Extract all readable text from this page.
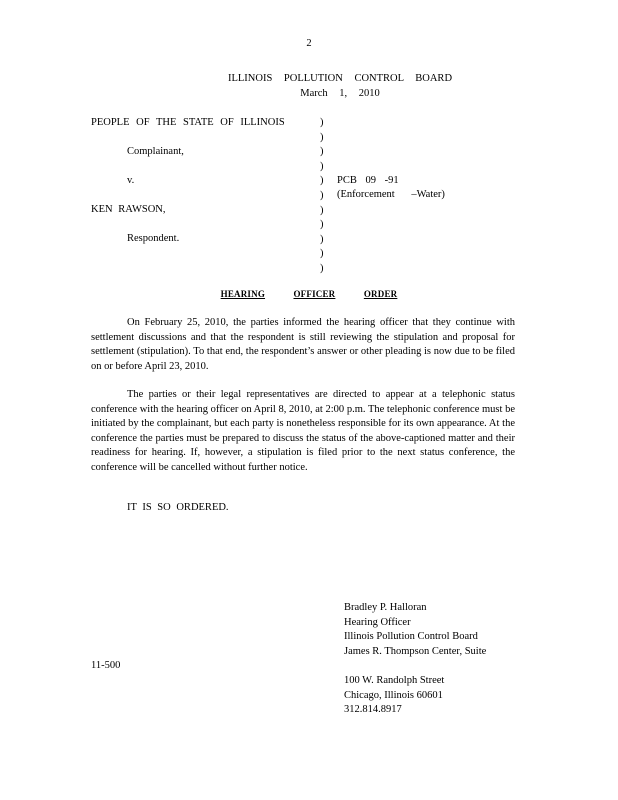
2
ILLINOIS POLLUTION CONTROL BOARD
March 1, 2010
PEOPLE OF THE STATE OF ILLINOIS
Complainant,
v.
KEN RAWSON,
Respondent.
)
)
)
)
)
)
)
)
)
)
)
PCB 09 -91
(Enforcement –Water)
HEARING	OFFICER	ORDER

On February 25, 2010, the parties informed the hearing officer that they continue with settlement discussions and that the respondent is still reviewing the stipulation and proposal for settlement (stipulation). To that end, the respondent’s answer or other pleading is now due to be filed on or before April 23, 2010.

The parties or their legal representatives are directed to appear at a telephonic status conference with the hearing officer on April 8, 2010, at 2:00 p.m. The telephonic conference must be initiated by the complainant, but each party is nonetheless responsible for its own appearance. At the conference the parties must be prepared to discuss the status of the above-captioned matter and their readiness for hearing. If, however, a stipulation is filed prior to the next status conference, the conference will be cancelled without further notice.

IT IS SO ORDERED.
Bradley P. Halloran
Hearing Officer
Illinois Pollution Control Board
James R. Thompson Center, Suite
100 W. Randolph Street
Chicago, Illinois 60601
312.814.8917
11-500
